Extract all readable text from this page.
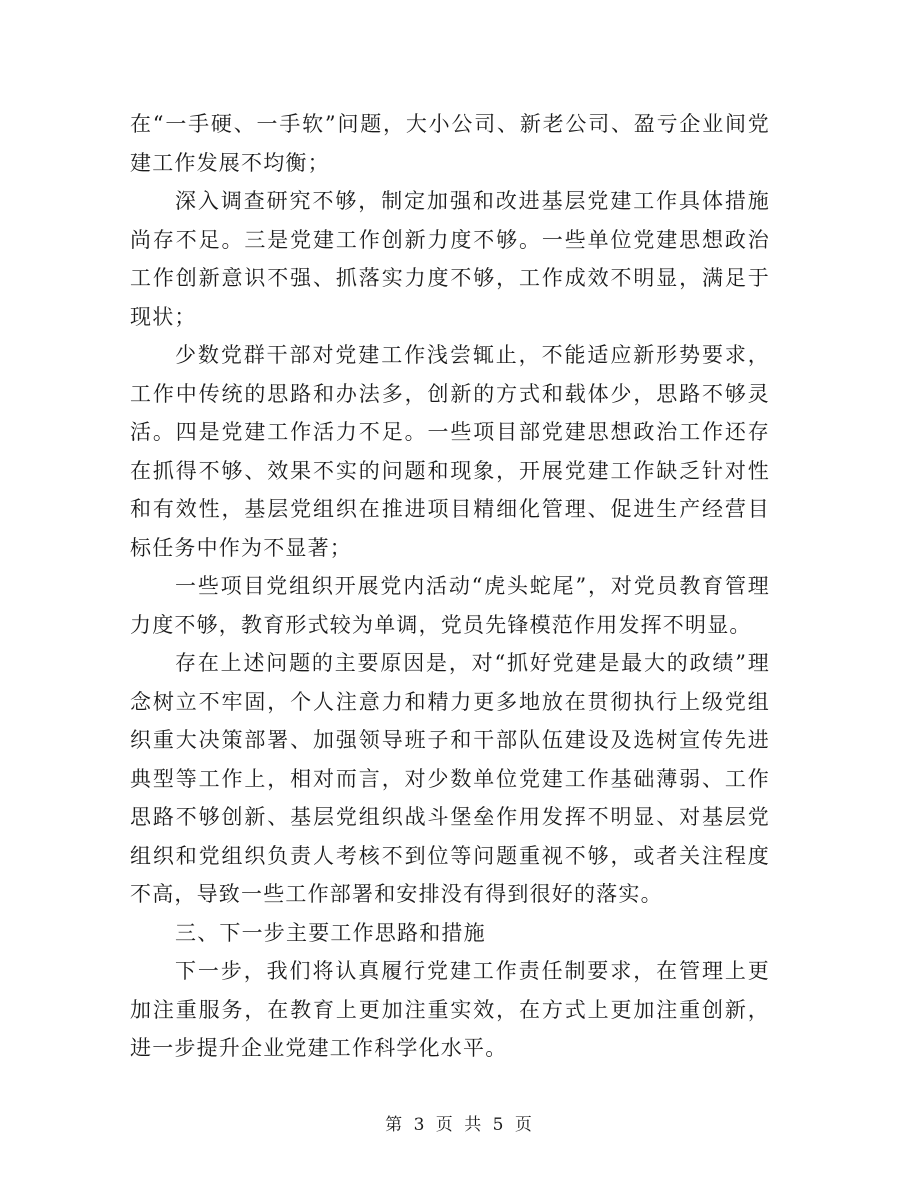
在“一手硬、一手软”问题，大小公司、新老公司、盈亏企业间党建工作发展不均衡；

深入调查研究不够，制定加强和改进基层党建工作具体措施尚存不足。三是党建工作创新力度不够。一些单位党建思想政治工作创新意识不强、抓落实力度不够，工作成效不明显，满足于现状；

少数党群干部对党建工作浅尝辄止，不能适应新形势要求，工作中传统的思路和办法多，创新的方式和载体少，思路不够灵活。四是党建工作活力不足。一些项目部党建思想政治工作还存在抓得不够、效果不实的问题和现象，开展党建工作缺乏针对性和有效性，基层党组织在推进项目精细化管理、促进生产经营目标任务中作为不显著；

一些项目党组织开展党内活动“虎头蛇尾”，对党员教育管理力度不够，教育形式较为单调，党员先锋模范作用发挥不明显。

存在上述问题的主要原因是，对“抓好党建是最大的政绩”理念树立不牢固，个人注意力和精力更多地放在贯彻执行上级党组织重大决策部署、加强领导班子和干部队伍建设及选树宣传先进典型等工作上，相对而言，对少数单位党建工作基础薄弱、工作思路不够创新、基层党组织战斗堡垒作用发挥不明显、对基层党组织和党组织负责人考核不到位等问题重视不够，或者关注程度不高，导致一些工作部署和安排没有得到很好的落实。

三、下一步主要工作思路和措施

下一步，我们将认真履行党建工作责任制要求，在管理上更加注重服务，在教育上更加注重实效，在方式上更加注重创新，进一步提升企业党建工作科学化水平。

第 3 页 共 5 页
